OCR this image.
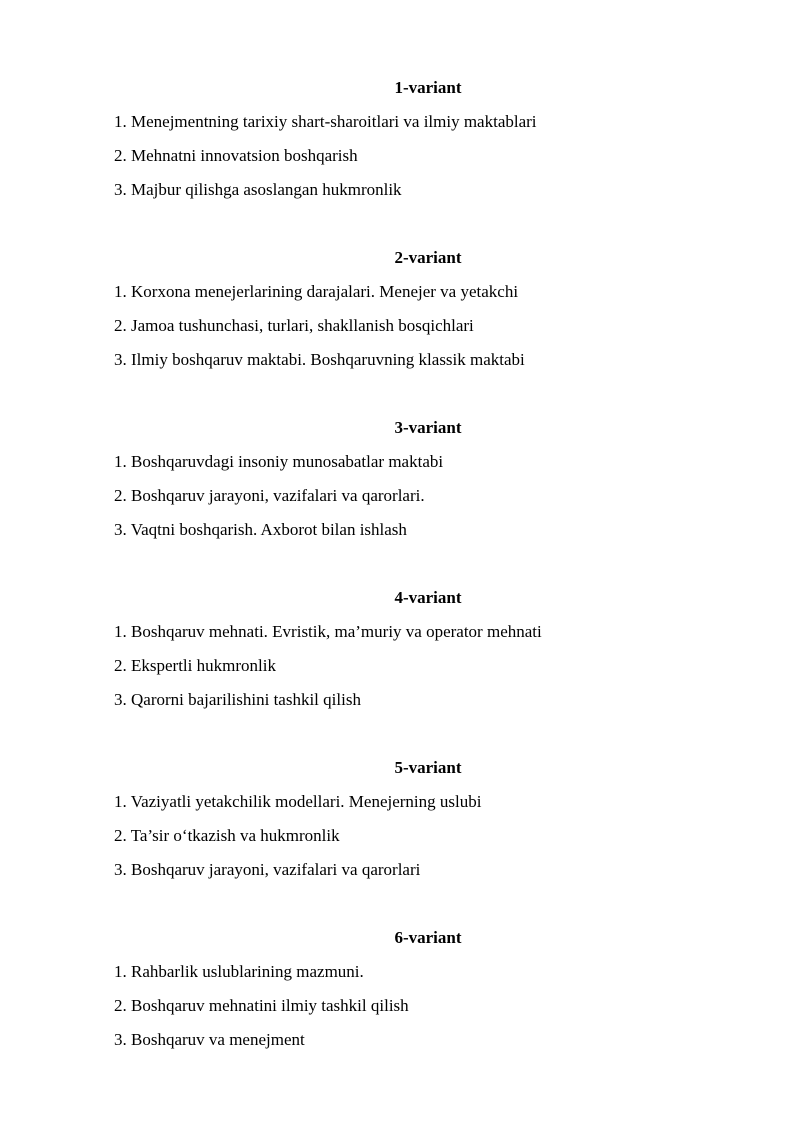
1-variant
1. Menejmentning tarixiy shart-sharoitlari va ilmiy maktablari
2. Mehnatni innovatsion boshqarish
3. Majbur qilishga asoslangan hukmronlik
2-variant
1. Korxona menejerlarining darajalari. Menejer va yetakchi
2. Jamoa tushunchasi, turlari, shakllanish bosqichlari
3. Ilmiy boshqaruv maktabi. Boshqaruvning klassik maktabi
3-variant
1. Boshqaruvdagi insoniy munosabatlar maktabi
2. Boshqaruv jarayoni, vazifalari va qarorlari.
3. Vaqtni boshqarish. Axborot bilan ishlash
4-variant
1. Boshqaruv mehnati. Evristik, ma’muriy va operator mehnati
2. Ekspertli hukmronlik
3. Qarorni bajarilishini tashkil qilish
5-variant
1. Vaziyatli yetakchilik modellari. Menejerning uslubi
2. Ta’sir o‘tkazish va hukmronlik
3. Boshqaruv jarayoni, vazifalari va qarorlari
6-variant
1. Rahbarlik uslublarining mazmuni.
2. Boshqaruv mehnatini ilmiy tashkil qilish
3. Boshqaruv va menejment
